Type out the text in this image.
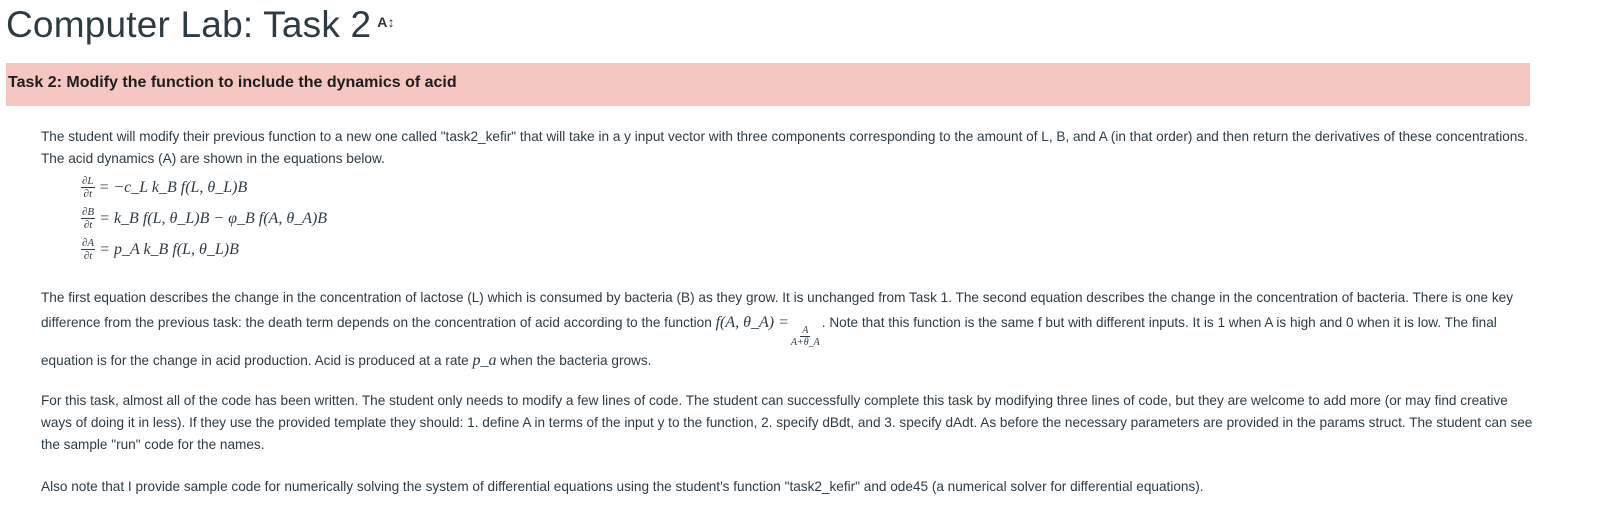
Computer Lab: Task 2 A↕
Task 2: Modify the function to include the dynamics of acid

The student will modify their previous function to a new one called "task2_kefir" that will take in a y input vector with three components corresponding to the amount of L, B, and A (in that order) and then return the derivatives of these concentrations. The acid dynamics (A) are shown in the equations below.

$\frac{\partial L}{\partial t}$ = −c_L k_B f(L, θ_L)B
$\frac{\partial B}{\partial t}$ = k_B f(L, θ_L)B − φ_B f(A, θ_A)B
$\frac{\partial A}{\partial t}$ = p_A k_B f(L, θ_L)B

The first equation describes the change in the concentration of lactose (L) which is consumed by bacteria (B) as they grow. It is unchanged from Task 1. The second equation describes the change in the concentration of bacteria. There is one key difference from the previous task: the death term depends on the concentration of acid according to the function f(A, θ_A) =
$\frac{A}{A+\theta\_A}$
. Note that this function is the same f but with different inputs. It is 1 when A is high and 0 when it is low. The final equation is for the change in acid production. Acid is produced at a rate p_a when the bacteria grows.

For this task, almost all of the code has been written. The student only needs to modify a few lines of code. The student can successfully complete this task by modifying three lines of code, but they are welcome to add more (or may find creative ways of doing it in less). If they use the provided template they should: 1. define A in terms of the input y to the function, 2. specify dBdt, and 3. specify dAdt. As before the necessary parameters are provided in the params struct. The student can see the sample "run" code for the names.

Also note that I provide sample code for numerically solving the system of differential equations using the student's function "task2_kefir" and ode45 (a numerical solver for differential equations).
